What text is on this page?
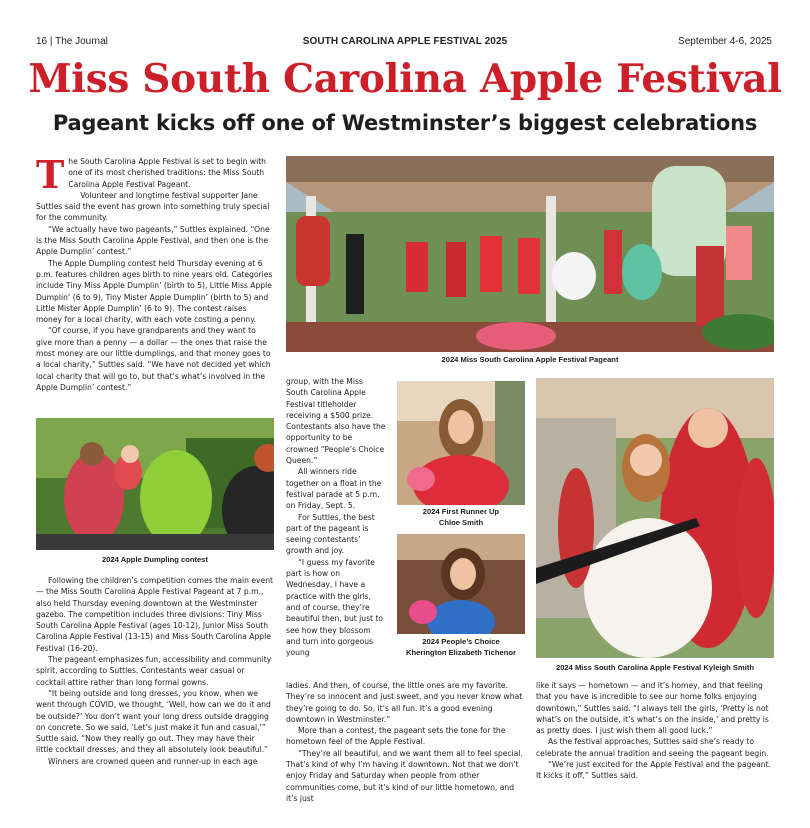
16 | The Journal	SOUTH CAROLINA APPLE FESTIVAL 2025	September 4-6, 2025
Miss South Carolina Apple Festival
Pageant kicks off one of Westminster’s biggest celebrations

The South Carolina Apple Festival is set to begin with one of its most cherished traditions: the Miss South Carolina Apple Festival Pageant.

Volunteer and longtime festival supporter Jane Suttles said the event has grown into something truly special for the community.

“We actually have two pageants,” Suttles explained. “One is the Miss South Carolina Apple Festival, and then one is the Apple Dumplin’ contest.”

The Apple Dumpling contest held Thursday evening at 6 p.m. features children ages birth to nine years old. Categories include Tiny Miss Apple Dumplin’ (birth to 5), Little Miss Apple Dumplin’ (6 to 9), Tiny Mister Apple Dumplin’ (birth to 5) and Little Mister Apple Dumplin’ (6 to 9). The contest raises money for a local charity, with each vote costing a penny.

“Of course, if you have grandparents and they want to give more than a penny — a dollar — the ones that raise the most money are our little dumplings, and that money goes to a local charity,” Suttles said. “We have not decided yet which local charity that will go to, but that’s what’s involved in the Apple Dumplin’ contest.”

2024 Apple Dumpling contest

Following the children’s competition comes the main event — the Miss South Carolina Apple Festival Pageant at 7 p.m., also held Thursday evening downtown at the Westminster gazebo. The competition includes three divisions: Tiny Miss South Carolina Apple Festival (ages 10-12), Junior Miss South Carolina Apple Festival (13-15) and Miss South Carolina Apple Festival (16-20).

The pageant emphasizes fun, accessibility and community spirit, according to Suttles. Contestants wear casual or cocktail attire rather than long formal gowns.

“It being outside and long dresses, you know, when we went through COVID, we thought, ‘Well, how can we do it and be outside?’ You don’t want your long dress outside dragging on concrete. So we said, ‘Let’s just make it fun and casual,’” Suttle said. “Now they really go out. They may have their little cocktail dresses, and they all absolutely look beautiful.”

Winners are crowned queen and runner-up in each age

2024 Miss South Carolina Apple Festival Pageant

group, with the Miss South Carolina Apple Festival titleholder receiving a $500 prize. Contestants also have the opportunity to be crowned “People’s Choice Queen.”

All winners ride together on a float in the festival parade at 5 p.m. on Friday, Sept. 5.

For Suttles, the best part of the pageant is seeing contestants’ growth and joy.

“I guess my favorite part is how on Wednesday, I have a practice with the girls, and of course, they’re beautiful then, but just to see how they blossom and turn into gorgeous young

2024 First Runner Up
Chloe Smith
2024 People’s Choice
Kherington Elizabeth Tichenor
2024 Miss South Carolina Apple Festival Kyleigh Smith

ladies. And then, of course, the little ones are my favorite. They’re so innocent and just sweet, and you never know what they’re going to do. So, it’s all fun. It’s a good evening downtown in Westminster.”

More than a contest, the pageant sets the tone for the hometown feel of the Apple Festival.

“They’re all beautiful, and we want them all to feel special. That’s kind of why I’m having it downtown. Not that we don’t enjoy Friday and Saturday when people from other communities come, but it’s kind of our little hometown, and it’s just

like it says — hometown — and it’s homey, and that feeling that you have is incredible to see our home folks enjoying downtown,” Suttles said. “I always tell the girls, ‘Pretty is not what’s on the outside, it’s what’s on the inside,’ and pretty is as pretty does. I just wish them all good luck.”

As the festival approaches, Suttles said she’s ready to celebrate the annual tradition and seeing the pageant begin.

“We’re just excited for the Apple Festival and the pageant. It kicks it off,” Suttles said.
